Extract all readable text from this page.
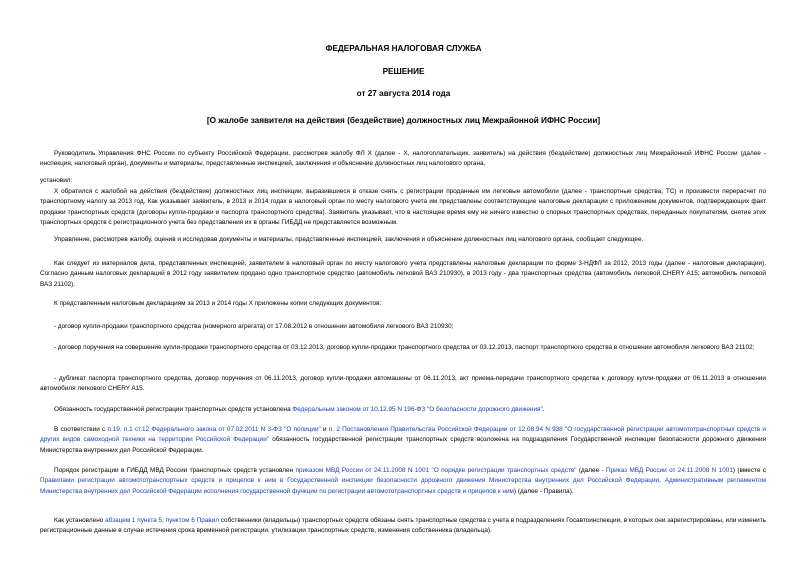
ФЕДЕРАЛЬНАЯ НАЛОГОВАЯ СЛУЖБА
РЕШЕНИЕ
от 27 августа 2014 года
[О жалобе заявителя на действия (бездействие) должностных лиц Межрайонной ИФНС России]
Руководитель Управления ФНС России по субъекту Российской Федерации, рассмотрев жалобу ФЛ Х (далее - Х, налогоплательщик, заявитель) на действия (бездействие) должностных лиц Межрайонной ИФНС России (далее - инспекция, налоговый орган), документы и материалы, представленные инспекцией, заключения и объяснение должностных лиц налогового органа,
установил:
Х обратился с жалобой на действия (бездействие) должностных лиц инспекции, выразившиеся в отказе снять с регистрации проданные им легковые автомобили (далее - транспортные средства, ТС) и произвести перерасчет по транспортному налогу за 2013 год. Как указывает заявитель, в 2013 и 2014 годах в налоговый орган по месту налогового учета им представлены соответствующие налоговые декларации с приложением документов, подтверждающих факт продажи транспортных средств (договоры купли-продажи и паспорта транспортного средства). Заявитель указывает, что в настоящее время ему не ничего известно о спорных транспортных средствах, переданных покупателям, снятие этих транспортных средств с регистрационного учета без представления их в органы ГИБДД не представляется возможным.
Управление, рассмотрев жалобу, оценив и исследовав документы и материалы, представленные инспекцией, заключения и объяснение должностных лиц налогового органа, сообщает следующее.
Как следует из материалов дела, представленных инспекцией, заявителем в налоговый орган по месту налогового учета представлены налоговые декларации по форме 3-НДФЛ за 2012, 2013 годы (далее - налоговые декларации). Согласно данным налоговых деклараций в 2012 году заявителем продано одно транспортное средство (автомобиль легковой ВАЗ 210930), в 2013 году - два транспортных средства (автомобиль легковой CHERY A15; автомобиль легковой ВАЗ 21102).
К представленным налоговым декларациям за 2013 и 2014 годы Х приложены копии следующих документов:
- договор купли-продажи транспортного средства (номерного агрегата) от 17.08.2012 в отношении автомобиля легкового ВАЗ 210930;
- договор поручения на совершение купли-продажи транспортного средства от 03.12.2013, договор купли-продажи транспортного средства от 03.12.2013, паспорт транспортного средства в отношении автомобиля легкового ВАЗ 21102;
- дубликат паспорта транспортного средства, договор поручения от 06.11.2013, договор купли-продажи автомашины от 06.11.2013, акт приема-передачи транспортного средства к договору купли-продажи от 06.11.2013 в отношении автомобиля легкового CHERY A15.
Обязанность государственной регистрации транспортных средств установлена Федеральным законом от 10.12.95 N 196-ФЗ "О безопасности дорожного движения".
В соответствии с п.19. п.1 ст.12 Федерального закона от 07.02.2011 N 3-ФЗ "О полиции" и п. 2 Постановления Правительства Российской Федерации от 12.08.94 N 938 "О государственной регистрации автомототранспортных средств и других видов самоходной техники на территории Российской Федерации" обязанность государственной регистрации транспортных средств возложена на подразделения Государственной инспекции безопасности дорожного движения Министерства внутренних дел Российской Федерации.
Порядок регистрации в ГИБДД МВД России транспортных средств установлен приказом МВД России от 24.11.2008 N 1001 "О порядке регистрации транспортных средств" (далее - Приказ МВД России от 24.11.2008 N 1001) (вместе с Правилами регистрации автомототранспортных средств и прицепов к ним в Государственной инспекции безопасности дорожного движения Министерства внутренних дел Российской Федерации, Административным регламентом Министерства внутренних дел Российской Федерации исполнения государственной функции по регистрации автомототранспортных средств и прицепов к ним) (далее - Правила).
Как установлено абзацем 1 пункта 5, пунктом 6 Правил собственники (владельцы) транспортных средств обязаны снять транспортные средства с учета в подразделениях Госавтоинспекции, в которых они зарегистрированы, или изменить регистрационные данные в случае истечения срока временной регистрации, утилизации транспортных средств, изменения собственника (владельца).
